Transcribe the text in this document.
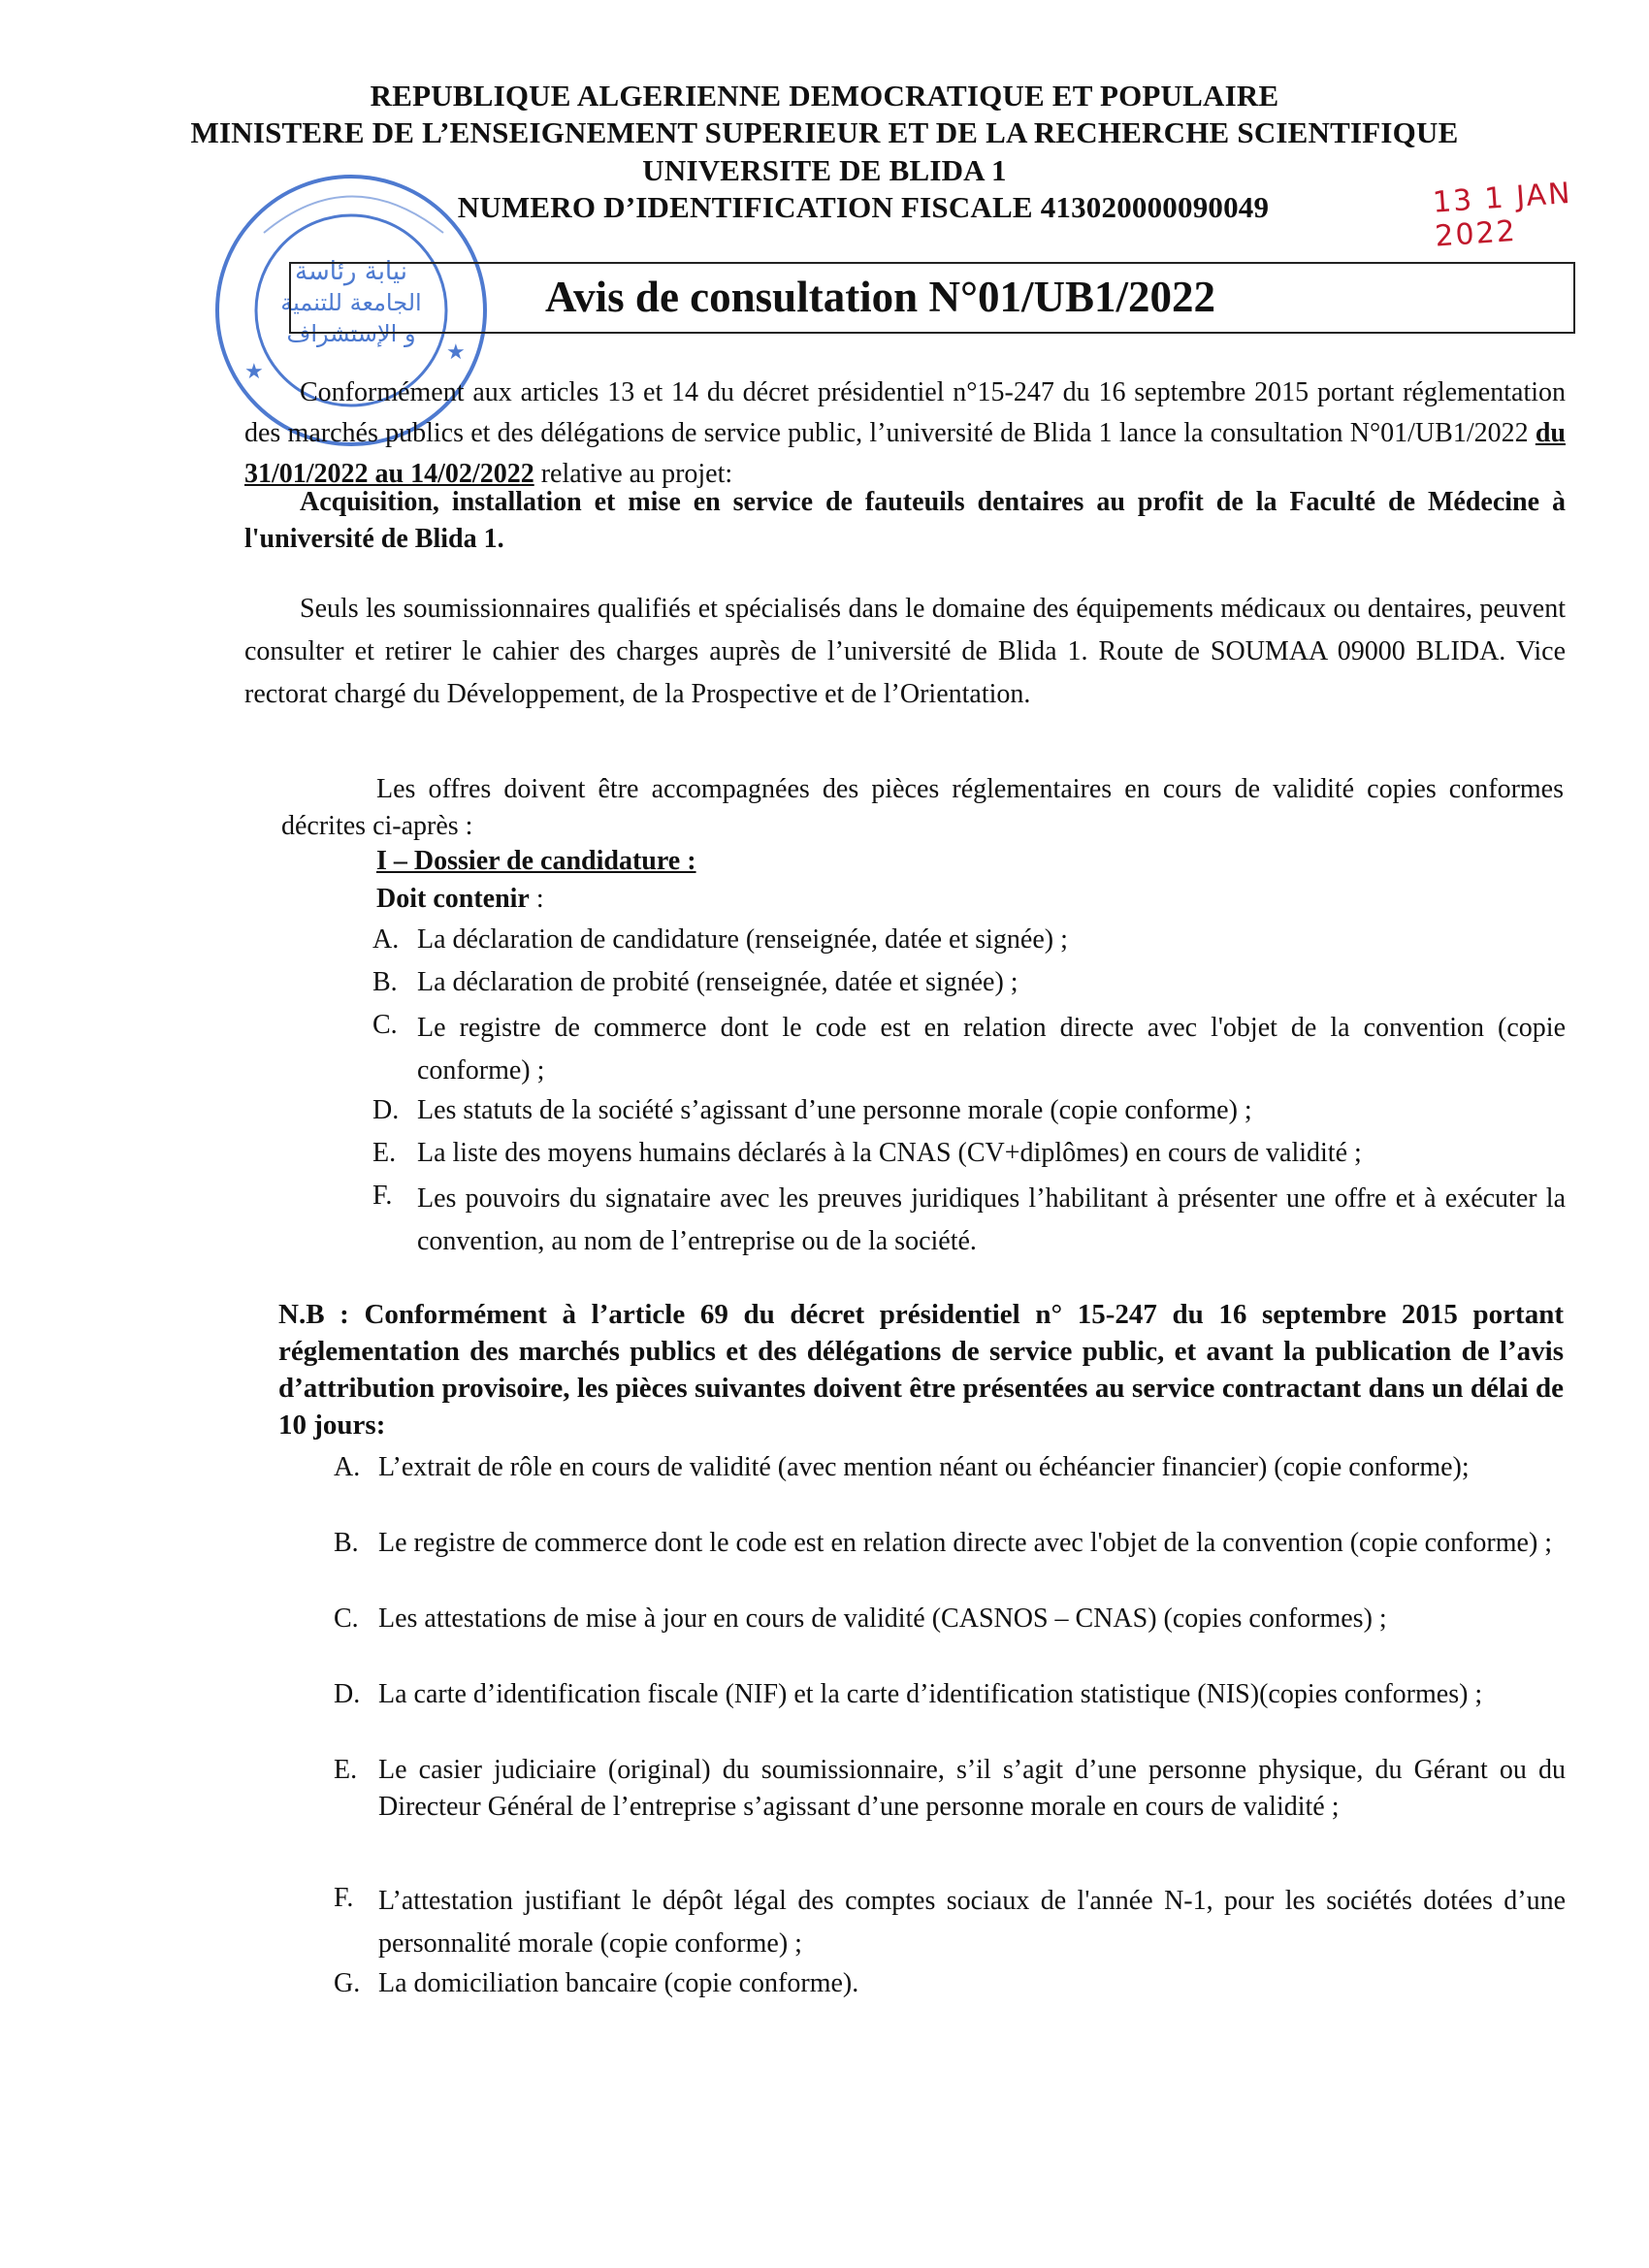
REPUBLIQUE ALGERIENNE DEMOCRATIQUE ET POPULAIRE
MINISTERE DE L’ENSEIGNEMENT SUPERIEUR ET DE LA RECHERCHE SCIENTIFIQUE
UNIVERSITE DE BLIDA 1
NUMERO D’IDENTIFICATION FISCALE 413020000090049	13 1 JAN 2022
نيابة رئاسة
الجامعة للتنمية
و الإستشراف
★
★
Avis de consultation N°01/UB1/2022
Conformément aux articles 13 et 14 du décret présidentiel n°15-247 du 16 septembre 2015 portant réglementation des marchés publics et des délégations de service public, l’université de Blida 1 lance la consultation N°01/UB1/2022 du 31/01/2022 au 14/02/2022 relative au projet:
Acquisition, installation et mise en service de fauteuils dentaires au profit de la Faculté de Médecine à l'université de Blida 1.
Seuls les soumissionnaires qualifiés et spécialisés dans le domaine des équipements médicaux ou dentaires, peuvent consulter et retirer le cahier des charges auprès de l’université de Blida 1. Route de SOUMAA 09000 BLIDA. Vice rectorat chargé du Développement, de la Prospective et de l’Orientation.
Les offres doivent être accompagnées des pièces réglementaires en cours de validité copies conformes décrites ci-après :
I – Dossier de candidature :
Doit contenir :
A. La déclaration de candidature (renseignée, datée et signée) ;
B. La déclaration de probité (renseignée, datée et signée) ;
C. Le registre de commerce dont le code est en relation directe avec l'objet de la convention (copie conforme) ;
D. Les statuts de la société s’agissant d’une personne morale (copie conforme) ;
E. La liste des moyens humains déclarés à la CNAS (CV+diplômes) en cours de validité ;
F. Les pouvoirs du signataire avec les preuves juridiques l’habilitant à présenter une offre et à exécuter la convention, au nom de l’entreprise ou de la société.
N.B : Conformément à l’article 69 du décret présidentiel n° 15-247 du 16 septembre 2015 portant réglementation des marchés publics et des délégations de service public, et avant la publication de l’avis d’attribution provisoire, les pièces suivantes doivent être présentées au service contractant dans un délai de 10 jours:
A. L’extrait de rôle en cours de validité (avec mention néant ou échéancier financier) (copie conforme);
B. Le registre de commerce dont le code est en relation directe avec l'objet de la convention (copie conforme) ;
C. Les attestations de mise à jour en cours de validité (CASNOS – CNAS) (copies conformes) ;
D. La carte d’identification fiscale (NIF) et la carte d’identification statistique (NIS)(copies conformes) ;
E. Le casier judiciaire (original) du soumissionnaire, s’il s’agit d’une personne physique, du Gérant ou du Directeur Général de l’entreprise s’agissant d’une personne morale en cours de validité ;
F. L’attestation justifiant le dépôt légal des comptes sociaux de l'année N-1, pour les sociétés dotées d’une personnalité morale (copie conforme) ;
G. La domiciliation bancaire (copie conforme).
